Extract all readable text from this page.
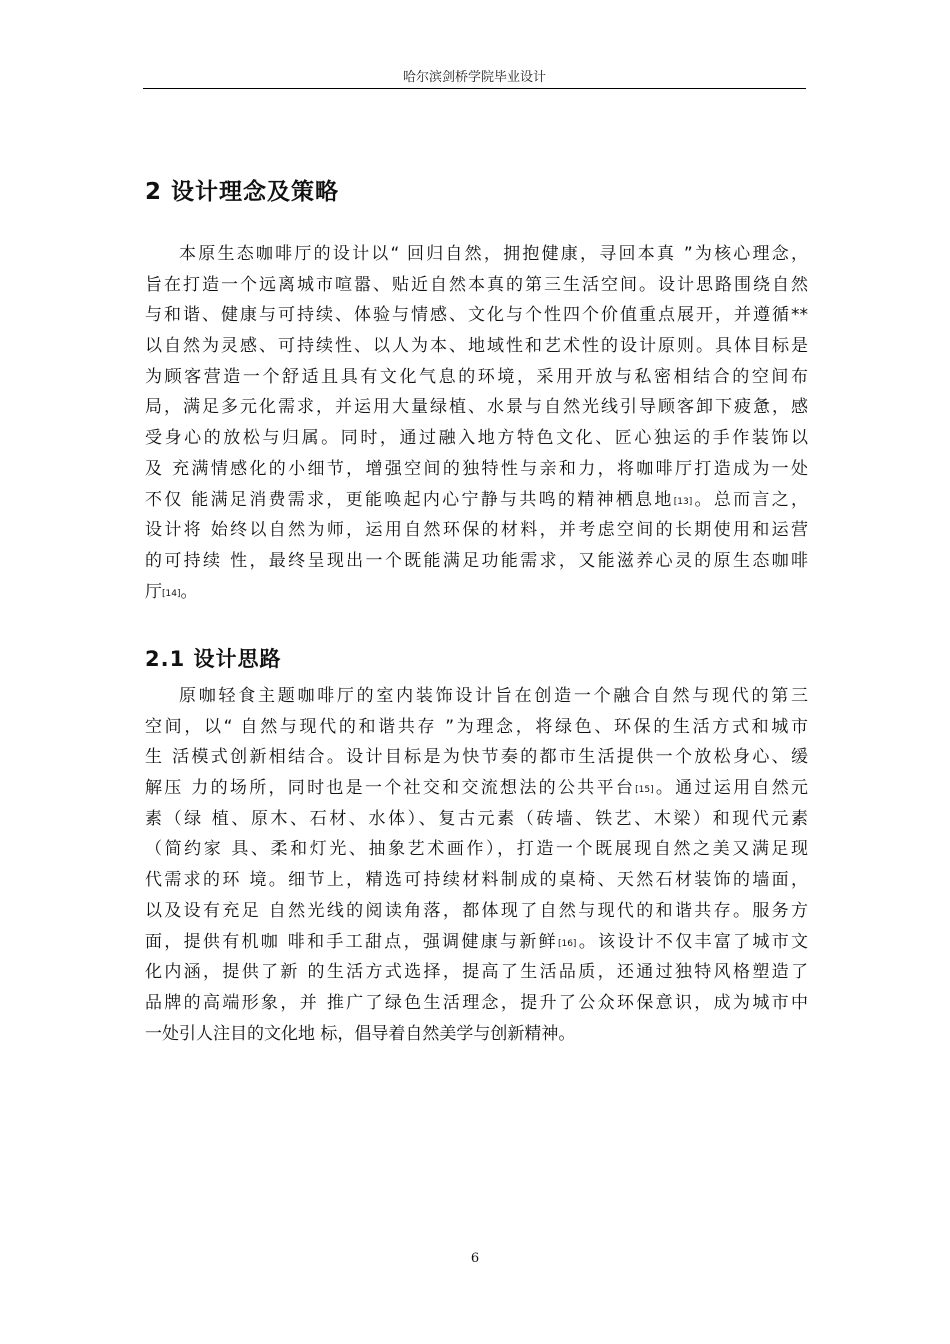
哈尔滨剑桥学院毕业设计
2 设计理念及策略
本原生态咖啡厅的设计以“ 回归自然，拥抱健康，寻回本真 ”为核心理念，
旨在打造一个远离城市喧嚣、贴近自然本真的第三生活空间。设计思路围绕自然
与和谐、健康与可持续、体验与情感、文化与个性四个价值重点展开，并遵循**
以自然为灵感、可持续性、以人为本、地域性和艺术性的设计原则。具体目标是
为顾客营造一个舒适且具有文化气息的环境，采用开放与私密相结合的空间布
局，满足多元化需求，并运用大量绿植、水景与自然光线引导顾客卸下疲惫，感
受身心的放松与归属。同时，通过融入地方特色文化、匠心独运的手作装饰以
及 充满情感化的小细节，增强空间的独特性与亲和力，将咖啡厅打造成为一处
不仅 能满足消费需求，更能唤起内心宁静与共鸣的精神栖息地[13]。总而言之，
设计将 始终以自然为师，运用自然环保的材料，并考虑空间的长期使用和运营
的可持续 性，最终呈现出一个既能满足功能需求，又能滋养心灵的原生态咖啡
厅[14]。
2.1 设计思路
原咖轻食主题咖啡厅的室内装饰设计旨在创造一个融合自然与现代的第三
空间，以“ 自然与现代的和谐共存 ”为理念，将绿色、环保的生活方式和城市
生 活模式创新相结合。设计目标是为快节奏的都市生活提供一个放松身心、缓
解压 力的场所，同时也是一个社交和交流想法的公共平台[15]。通过运用自然元
素（绿 植、原木、石材、水体）、复古元素（砖墙、铁艺、木梁）和现代元素
（简约家 具、柔和灯光、抽象艺术画作），打造一个既展现自然之美又满足现
代需求的环 境。细节上，精选可持续材料制成的桌椅、天然石材装饰的墙面，
以及设有充足 自然光线的阅读角落，都体现了自然与现代的和谐共存。服务方
面，提供有机咖 啡和手工甜点，强调健康与新鲜[16]。该设计不仅丰富了城市文
化内涵，提供了新 的生活方式选择，提高了生活品质，还通过独特风格塑造了
品牌的高端形象，并 推广了绿色生活理念，提升了公众环保意识，成为城市中
一处引人注目的文化地 标，倡导着自然美学与创新精神。
6
